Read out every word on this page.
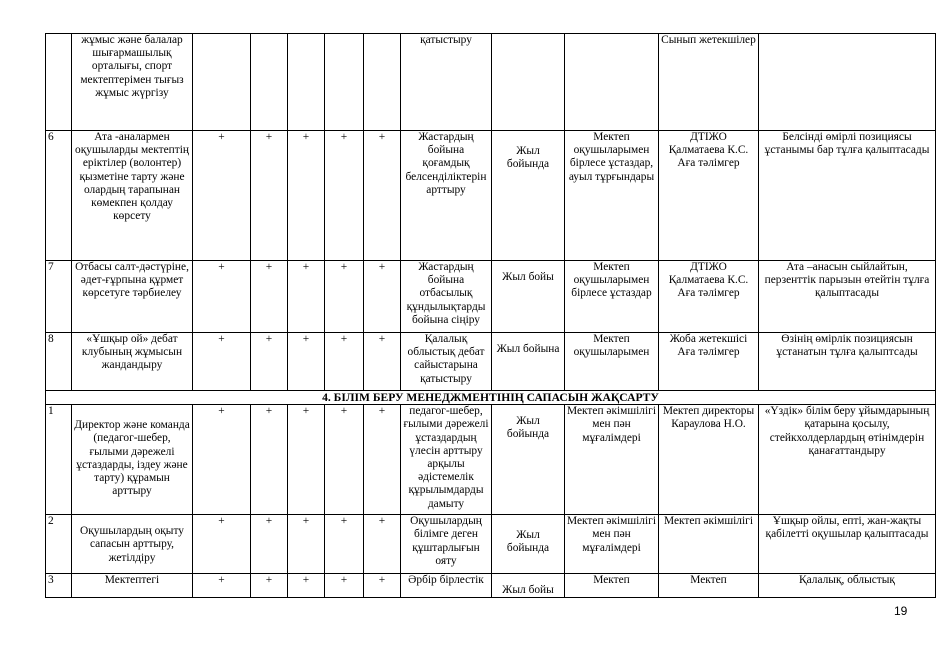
	жұмыс және балалар шығармашылық орталығы, спорт мектептерімен тығыз жұмыс жүргізу						қатыстыру			Сынып жетекшілер	
6	Ата -аналармен оқушыларды мектептің еріктілер (волонтер) қызметіне тарту және олардың тарапынан көмекпен қолдау көрсету	+	+	+	+	+	Жастардың бойына қоғамдық белсенділіктерін арттыру	Жыл бойында	Мектеп оқушыларымен бірлесе ұстаздар, ауыл тұрғындары	ДТІЖО Қалматаева К.С. Аға тәлімгер	Белсінді өмірлі позициясы ұстанымы бар тұлға қалыптасады
7	Отбасы салт-дәстүріне, әдет-ғұрпына құрмет көрсетуге тәрбиелеу	+	+	+	+	+	Жастардың бойына отбасылық құндылықтарды бойына сіңіру	Жыл бойы	Мектеп оқушыларымен бірлесе ұстаздар	ДТІЖО Қалматаева К.С. Аға тәлімгер	Ата –анасын сыйлайтын, перзенттік парызын өтейтін тұлға қалыптасады
8	«Ұшқыр ой» дебат клубының жұмысын жандандыру	+	+	+	+	+	Қалалық облыстық дебат сайыстарына қатыстыру	Жыл бойына	Мектеп оқушыларымен	Жоба жетекшісі Аға тәлімгер	Өзінің өмірлік позициясын ұстанатын тұлға қалыптсады
4. БІЛІМ БЕРУ МЕНЕДЖМЕНТІНІҢ САПАСЫН ЖАҚСАРТУ											
1	Директор және команда (педагог-шебер, ғылыми дәрежелі ұстаздарды, іздеу және тарту) құрамын арттыру	+	+	+	+	+	педагог-шебер, ғылыми дәрежелі ұстаздардың үлесін арттыру арқылы әдістемелік құрылымдарды дамыту	Жыл бойында	Мектеп әкімшілігі мен пән мұғалімдері	Мектеп директоры Караулова Н.О.	«Үздік» білім беру ұйымдарының қатарына қосылу, стейкхолдерлардың өтінімдерін қанағаттандыру
2	Оқушылардың оқыту сапасын арттыру, жетілдіру	+	+	+	+	+	Оқушылардың білімге деген құштарлығын ояту	Жыл бойында	Мектеп әкімшілігі мен пән мұғалімдері	Мектеп әкімшілігі	Ұшқыр ойлы, епті, жан-жақты қабілетті оқушылар қалыптасады
3	Мектептегі	+	+	+	+	+	Әрбір бірлестік	Жыл бойы	Мектеп	Мектеп	Қалалық, облыстық
19
